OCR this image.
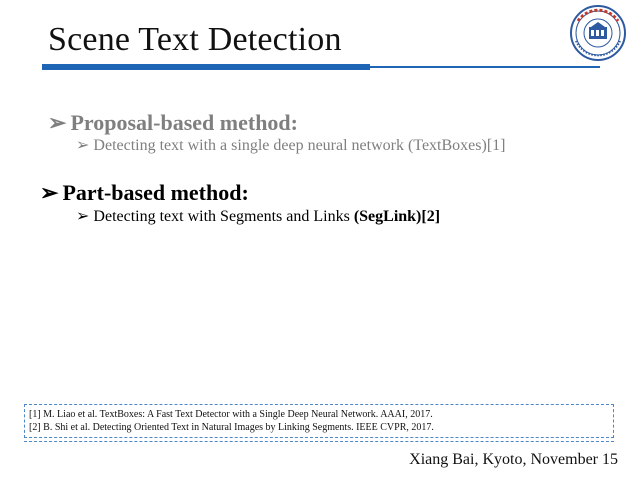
Scene Text Detection
➢ Proposal-based method:
➢ Detecting text with a single deep neural network (TextBoxes)[1]
➢ Part-based method:
➢ Detecting text with Segments and Links (SegLink)[2]
[1] M. Liao et al. TextBoxes: A Fast Text Detector with a Single Deep Neural Network. AAAI, 2017.
[2] B. Shi et al. Detecting Oriented Text in Natural Images by Linking Segments. IEEE CVPR, 2017.
Xiang Bai, Kyoto, November 15
